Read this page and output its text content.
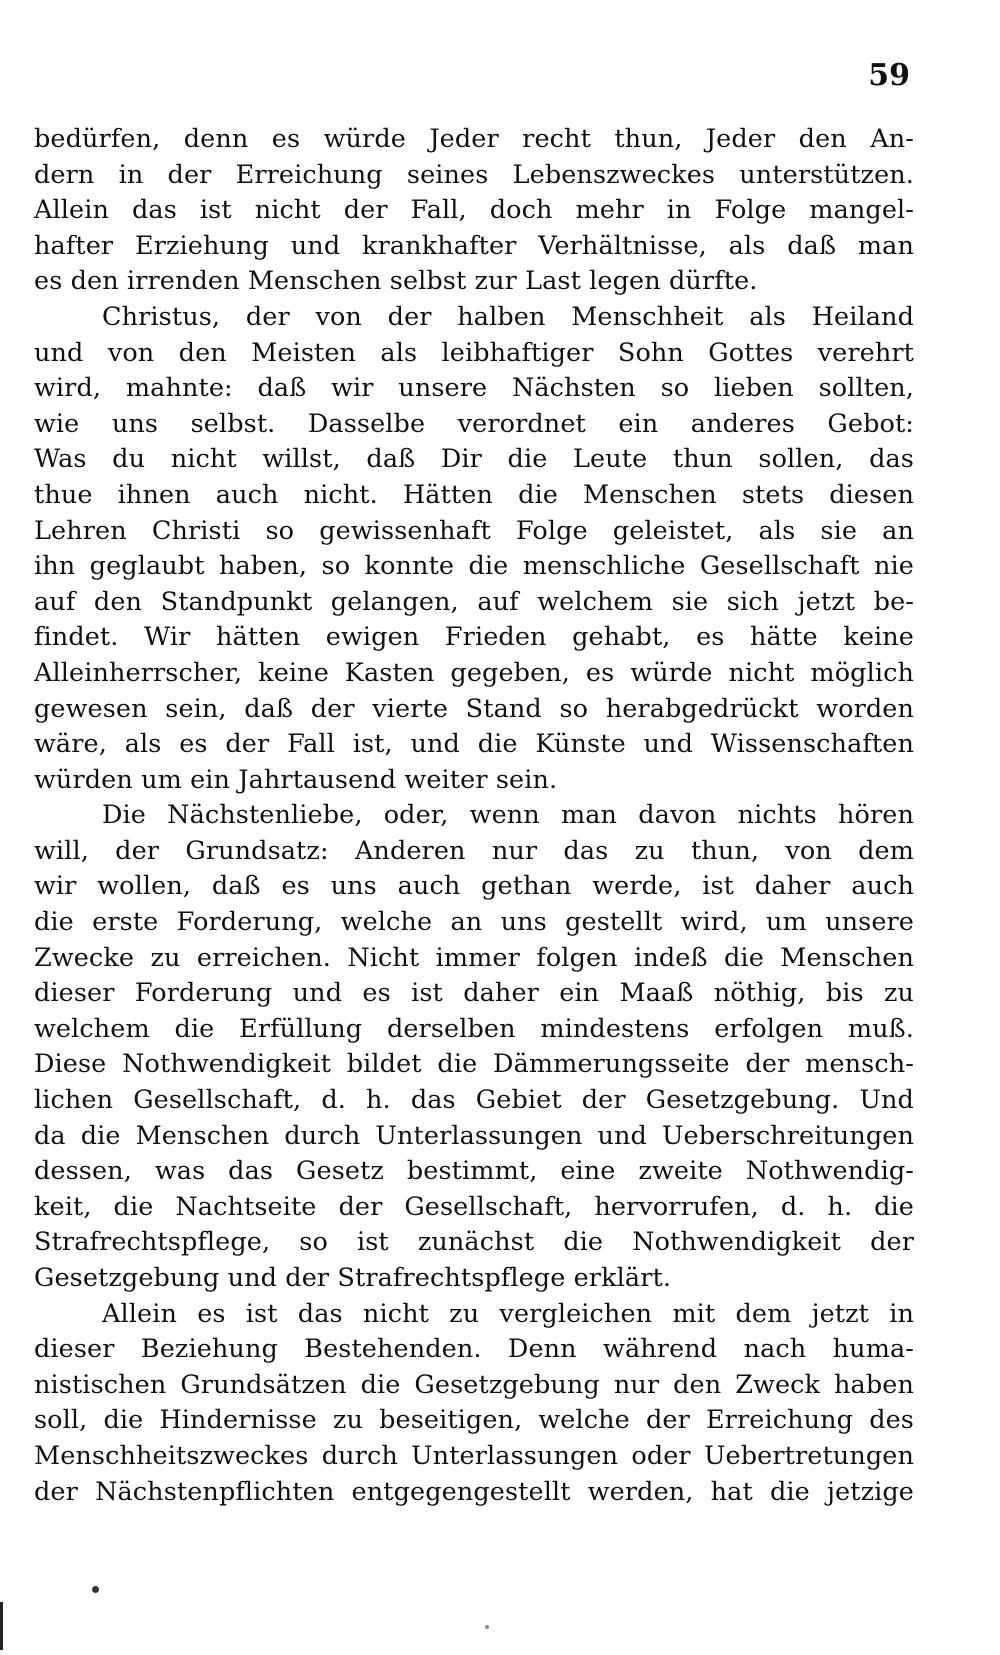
59
bedürfen, denn es würde Jeder recht thun, Jeder den An-
dern in der Erreichung seines Lebenszweckes unterstützen.
Allein das ist nicht der Fall, doch mehr in Folge mangel-
hafter Erziehung und krankhafter Verhältnisse, als daß man
es den irrenden Menschen selbst zur Last legen dürfte.
Christus, der von der halben Menschheit als Heiland
und von den Meisten als leibhaftiger Sohn Gottes verehrt
wird, mahnte: daß wir unsere Nächsten so lieben sollten,
wie uns selbst. Dasselbe verordnet ein anderes Gebot:
Was du nicht willst, daß Dir die Leute thun sollen, das
thue ihnen auch nicht. Hätten die Menschen stets diesen
Lehren Christi so gewissenhaft Folge geleistet, als sie an
ihn geglaubt haben, so konnte die menschliche Gesellschaft nie
auf den Standpunkt gelangen, auf welchem sie sich jetzt be-
findet. Wir hätten ewigen Frieden gehabt, es hätte keine
Alleinherrscher, keine Kasten gegeben, es würde nicht möglich
gewesen sein, daß der vierte Stand so herabgedrückt worden
wäre, als es der Fall ist, und die Künste und Wissenschaften
würden um ein Jahrtausend weiter sein.
Die Nächstenliebe, oder, wenn man davon nichts hören
will, der Grundsatz: Anderen nur das zu thun, von dem
wir wollen, daß es uns auch gethan werde, ist daher auch
die erste Forderung, welche an uns gestellt wird, um unsere
Zwecke zu erreichen. Nicht immer folgen indeß die Menschen
dieser Forderung und es ist daher ein Maaß nöthig, bis zu
welchem die Erfüllung derselben mindestens erfolgen muß.
Diese Nothwendigkeit bildet die Dämmerungsseite der mensch-
lichen Gesellschaft, d. h. das Gebiet der Gesetzgebung. Und
da die Menschen durch Unterlassungen und Ueberschreitungen
dessen, was das Gesetz bestimmt, eine zweite Nothwendig-
keit, die Nachtseite der Gesellschaft, hervorrufen, d. h. die
Strafrechtspflege, so ist zunächst die Nothwendigkeit der
Gesetzgebung und der Strafrechtspflege erklärt.
Allein es ist das nicht zu vergleichen mit dem jetzt in
dieser Beziehung Bestehenden. Denn während nach huma-
nistischen Grundsätzen die Gesetzgebung nur den Zweck haben
soll, die Hindernisse zu beseitigen, welche der Erreichung des
Menschheitszweckes durch Unterlassungen oder Uebertretungen
der Nächstenpflichten entgegengestellt werden, hat die jetzige
